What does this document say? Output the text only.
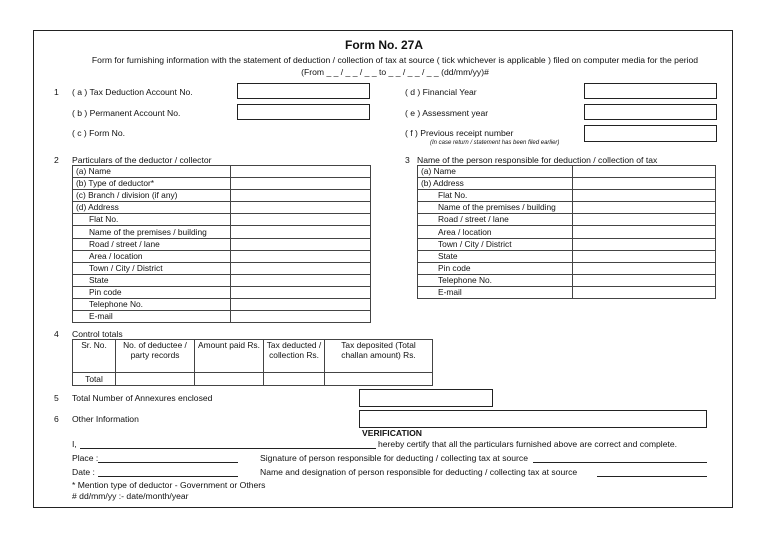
Form No. 27A
Form for furnishing information with the statement of deduction / collection of tax at source ( tick whichever is applicable ) filed on computer media for the period
(From _ _ / _ _ / _ _ to _ _ / _ _ / _ _ (dd/mm/yy)#
1 ( a ) Tax Deduction Account No.
( b ) Permanent Account No.
( c ) Form No.
( d ) Financial Year
( e ) Assessment year
( f ) Previous receipt number
(In case return / statement has been filed earlier)
2 Particulars of the deductor / collector
(a) Name	
(b) Type of deductor*	
(c) Branch / division (if any)	
(d) Address	
Flat No.	
Name of the premises / building	
Road / street / lane	
Area / location	
Town / City / District	
State	
Pin code	
Telephone No.	
E-mail	
3 Name of the person responsible for deduction / collection of tax
(a) Name	
(b) Address	
Flat No.	
Name of the premises / building	
Road / street / lane	
Area / location	
Town / City / District	
State	
Pin code	
Telephone No.	
E-mail	
4 Control totals
Sr. No.	No. of deductee / party records	Amount paid Rs.	Tax deducted / collection Rs.	Tax deposited (Total challan amount) Rs.
Total				
5 Total Number of Annexures enclosed
6 Other Information
VERIFICATION
I,	hereby certify that all the particulars furnished above are correct and complete.
Place :	Signature of person responsible for deducting / collecting tax at source
Date :	Name and designation of person responsible for deducting / collecting tax at source
* Mention type of deductor - Government or Others
# dd/mm/yy :- date/month/year
